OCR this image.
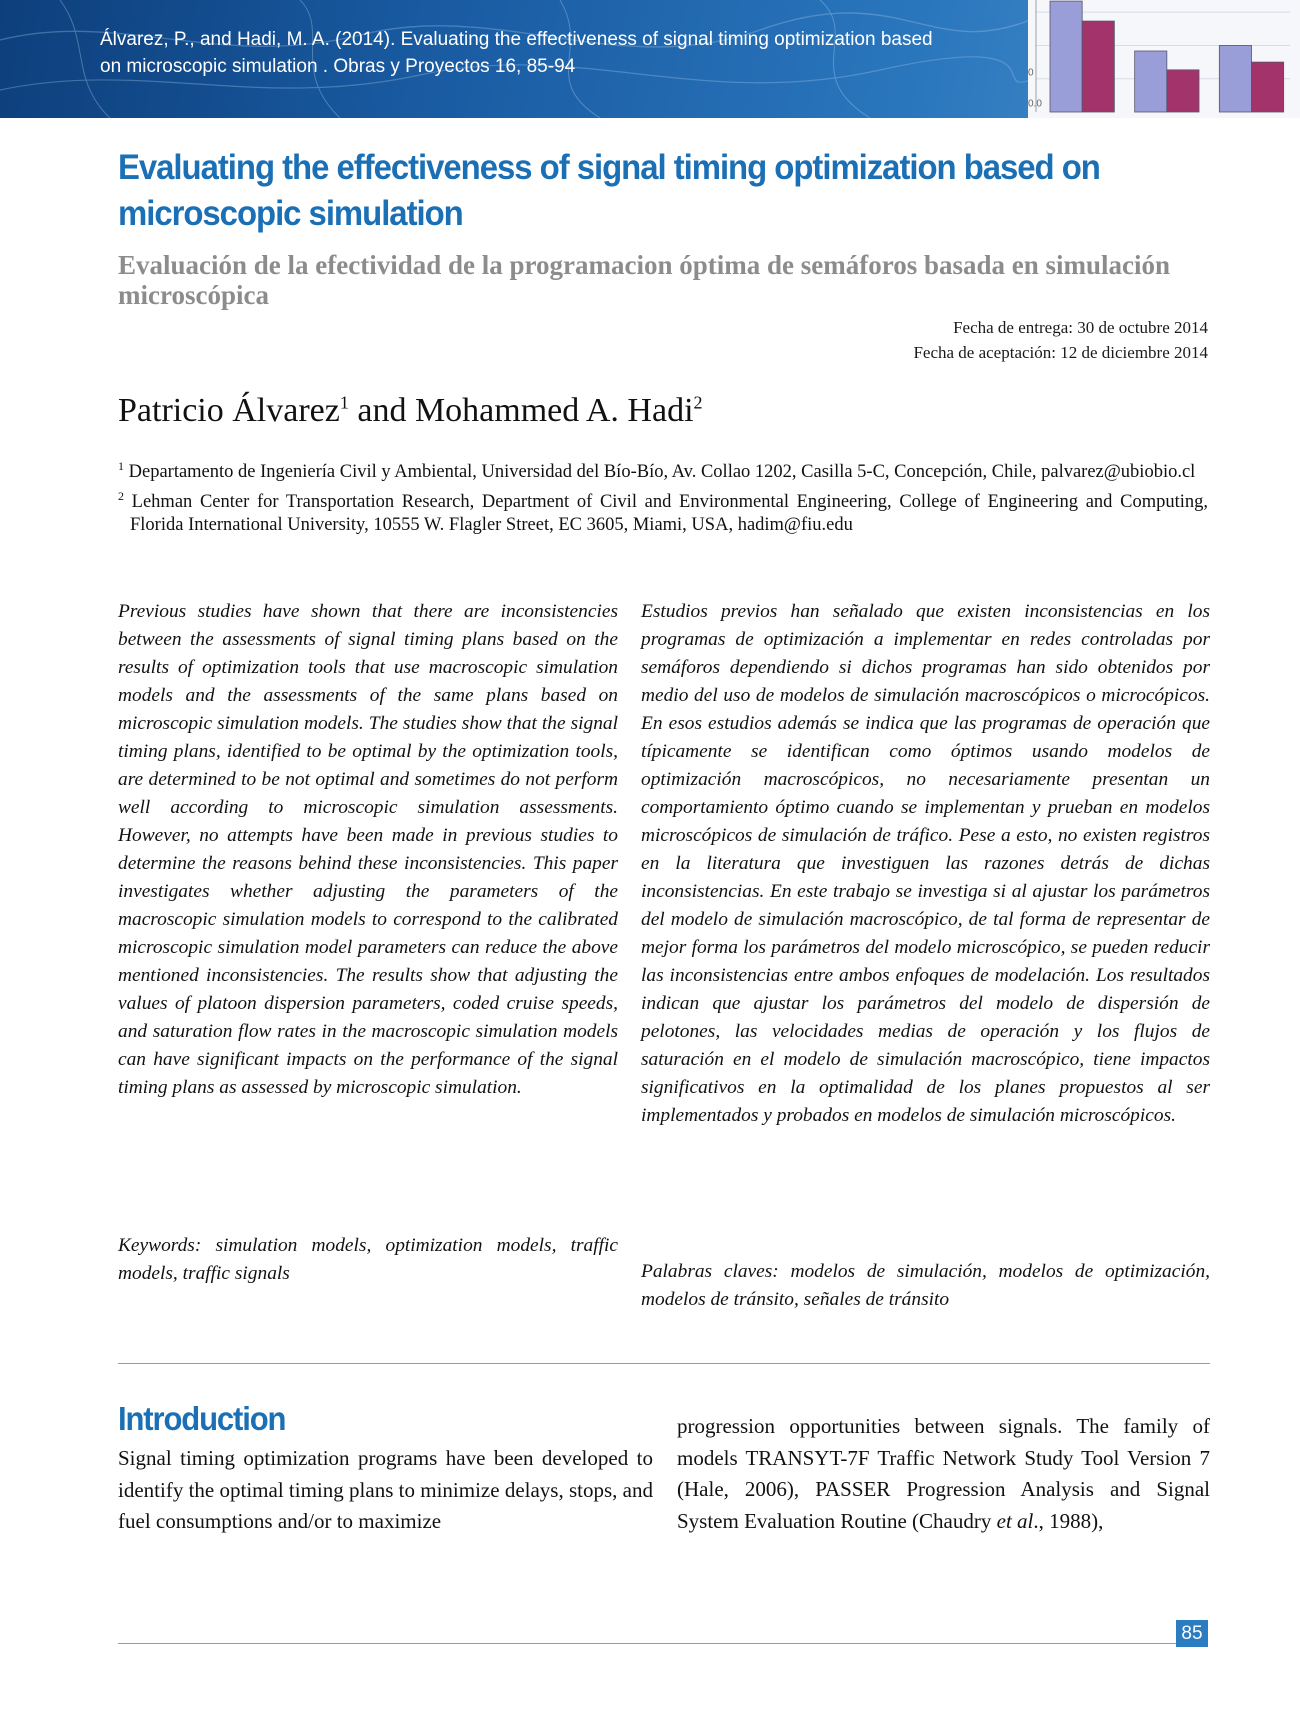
Álvarez, P., and Hadi, M. A. (2014). Evaluating the effectiveness of signal timing optimization based
on microscopic simulation . Obras y Proyectos 16, 85-94	0
0.0
Evaluating the effectiveness of signal timing optimization based on microscopic simulation
Evaluación de la efectividad de la programacion óptima de semáforos basada en simulación microscópica
Fecha de entrega: 30 de octubre 2014
Fecha de aceptación: 12 de diciembre 2014
Patricio Álvarez$^1$ and Mohammed A. Hadi$^2$

$^1$ Departamento de Ingeniería Civil y Ambiental, Universidad del Bío-Bío, Av. Collao 1202, Casilla 5-C, Concepción, Chile, palvarez@ubiobio.cl

$^2$ Lehman Center for Transportation Research, Department of Civil and Environmental Engineering, College of Engineering and Computing, Florida International University, 10555 W. Flagler Street, EC 3605, Miami, USA, hadim@fiu.edu

Previous studies have shown that there are inconsistencies between the assessments of signal timing plans based on the results of optimization tools that use macroscopic simulation models and the assessments of the same plans based on microscopic simulation models. The studies show that the signal timing plans, identified to be optimal by the optimization tools, are determined to be not optimal and sometimes do not perform well according to microscopic simulation assessments. However, no attempts have been made in previous studies to determine the reasons behind these inconsistencies. This paper investigates whether adjusting the parameters of the macroscopic simulation models to correspond to the calibrated microscopic simulation model parameters can reduce the above mentioned inconsistencies. The results show that adjusting the values of platoon dispersion parameters, coded cruise speeds, and saturation flow rates in the macroscopic simulation models can have significant impacts on the performance of the signal timing plans as assessed by microscopic simulation.

Estudios previos han señalado que existen inconsistencias en los programas de optimización a implementar en redes controladas por semáforos dependiendo si dichos programas han sido obtenidos por medio del uso de modelos de simulación macroscópicos o microcópicos. En esos estudios además se indica que las programas de operación que típicamente se identifican como óptimos usando modelos de optimización macroscópicos, no necesariamente presentan un comportamiento óptimo cuando se implementan y prueban en modelos microscópicos de simulación de tráfico. Pese a esto, no existen registros en la literatura que investiguen las razones detrás de dichas inconsistencias. En este trabajo se investiga si al ajustar los parámetros del modelo de simulación macroscópico, de tal forma de representar de mejor forma los parámetros del modelo microscópico, se pueden reducir las inconsistencias entre ambos enfoques de modelación. Los resultados indican que ajustar los parámetros del modelo de dispersión de pelotones, las velocidades medias de operación y los flujos de saturación en el modelo de simulación macroscópico, tiene impactos significativos en la optimalidad de los planes propuestos al ser implementados y probados en modelos de simulación microscópicos.

Keywords: simulation models, optimization models, traffic models, traffic signals	Palabras claves: modelos de simulación, modelos de optimización, modelos de tránsito, señales de tránsito

Introduction

Signal timing optimization programs have been developed to identify the optimal timing plans to minimize delays, stops, and fuel consumptions and/or to maximize

progression opportunities between signals. The family of models TRANSYT-7F Traffic Network Study Tool Version 7 (Hale, 2006), PASSER Progression Analysis and Signal System Evaluation Routine (Chaudry et al., 1988),

85
